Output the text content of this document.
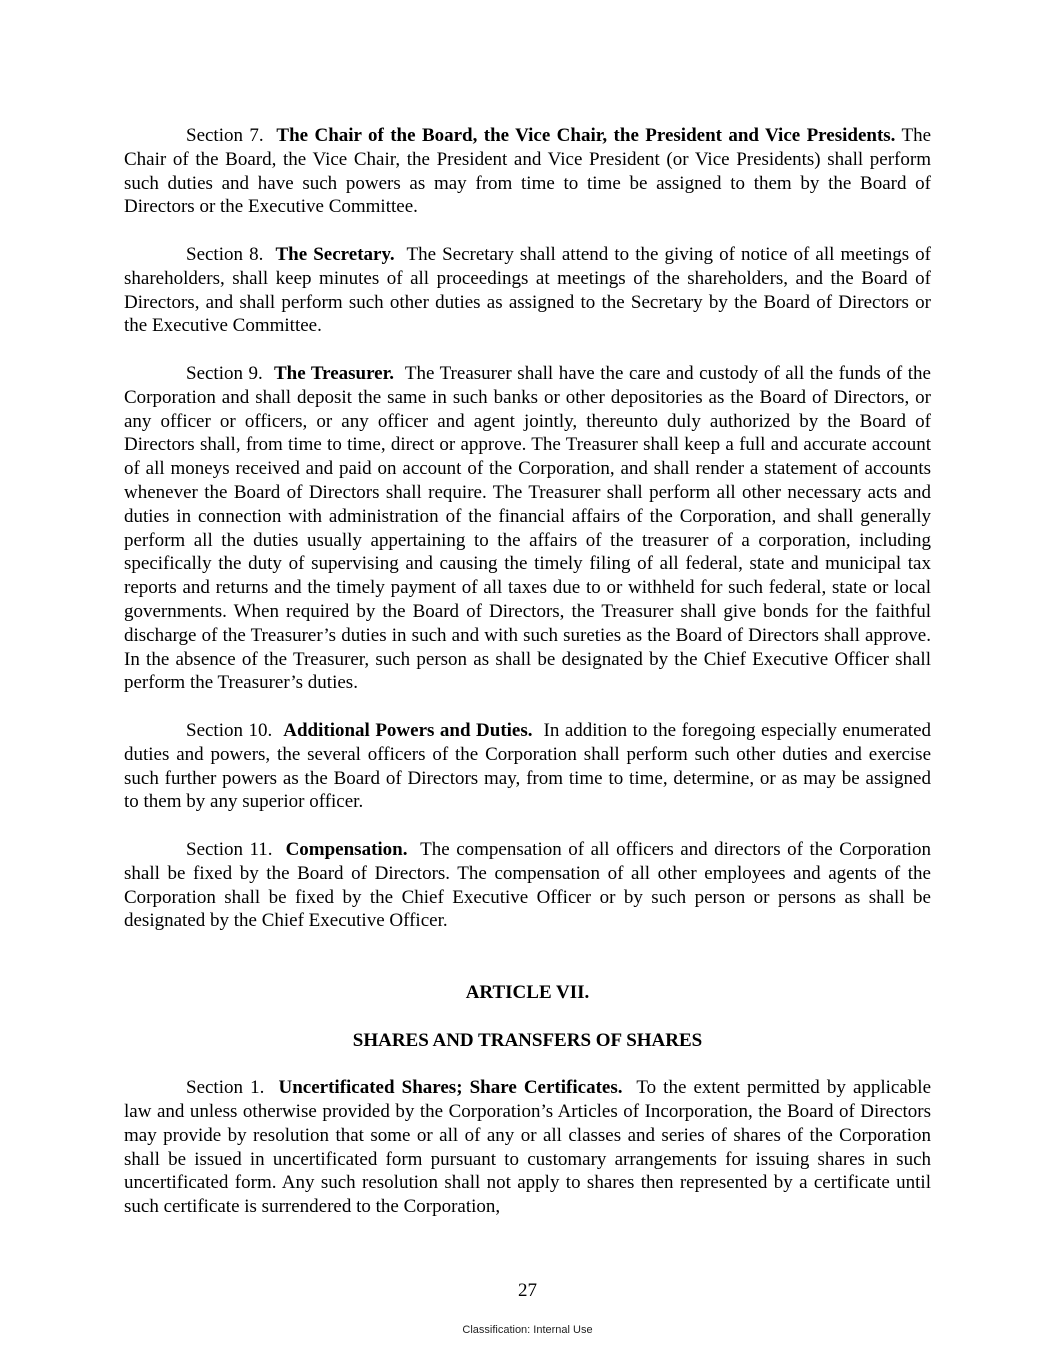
Section 7. The Chair of the Board, the Vice Chair, the President and Vice Presidents. The Chair of the Board, the Vice Chair, the President and Vice President (or Vice Presidents) shall perform such duties and have such powers as may from time to time be assigned to them by the Board of Directors or the Executive Committee.

Section 8. The Secretary. The Secretary shall attend to the giving of notice of all meetings of shareholders, shall keep minutes of all proceedings at meetings of the shareholders, and the Board of Directors, and shall perform such other duties as assigned to the Secretary by the Board of Directors or the Executive Committee.

Section 9. The Treasurer. The Treasurer shall have the care and custody of all the funds of the Corporation and shall deposit the same in such banks or other depositories as the Board of Directors, or any officer or officers, or any officer and agent jointly, thereunto duly authorized by the Board of Directors shall, from time to time, direct or approve. The Treasurer shall keep a full and accurate account of all moneys received and paid on account of the Corporation, and shall render a statement of accounts whenever the Board of Directors shall require. The Treasurer shall perform all other necessary acts and duties in connection with administration of the financial affairs of the Corporation, and shall generally perform all the duties usually appertaining to the affairs of the treasurer of a corporation, including specifically the duty of supervising and causing the timely filing of all federal, state and municipal tax reports and returns and the timely payment of all taxes due to or withheld for such federal, state or local governments. When required by the Board of Directors, the Treasurer shall give bonds for the faithful discharge of the Treasurer’s duties in such and with such sureties as the Board of Directors shall approve. In the absence of the Treasurer, such person as shall be designated by the Chief Executive Officer shall perform the Treasurer’s duties.

Section 10. Additional Powers and Duties. In addition to the foregoing especially enumerated duties and powers, the several officers of the Corporation shall perform such other duties and exercise such further powers as the Board of Directors may, from time to time, determine, or as may be assigned to them by any superior officer.

Section 11. Compensation. The compensation of all officers and directors of the Corporation shall be fixed by the Board of Directors. The compensation of all other employees and agents of the Corporation shall be fixed by the Chief Executive Officer or by such person or persons as shall be designated by the Chief Executive Officer.

ARTICLE VII.

SHARES AND TRANSFERS OF SHARES

Section 1. Uncertificated Shares; Share Certificates. To the extent permitted by applicable law and unless otherwise provided by the Corporation’s Articles of Incorporation, the Board of Directors may provide by resolution that some or all of any or all classes and series of shares of the Corporation shall be issued in uncertificated form pursuant to customary arrangements for issuing shares in such uncertificated form. Any such resolution shall not apply to shares then represented by a certificate until such certificate is surrendered to the Corporation,

27
Classification: Internal Use
